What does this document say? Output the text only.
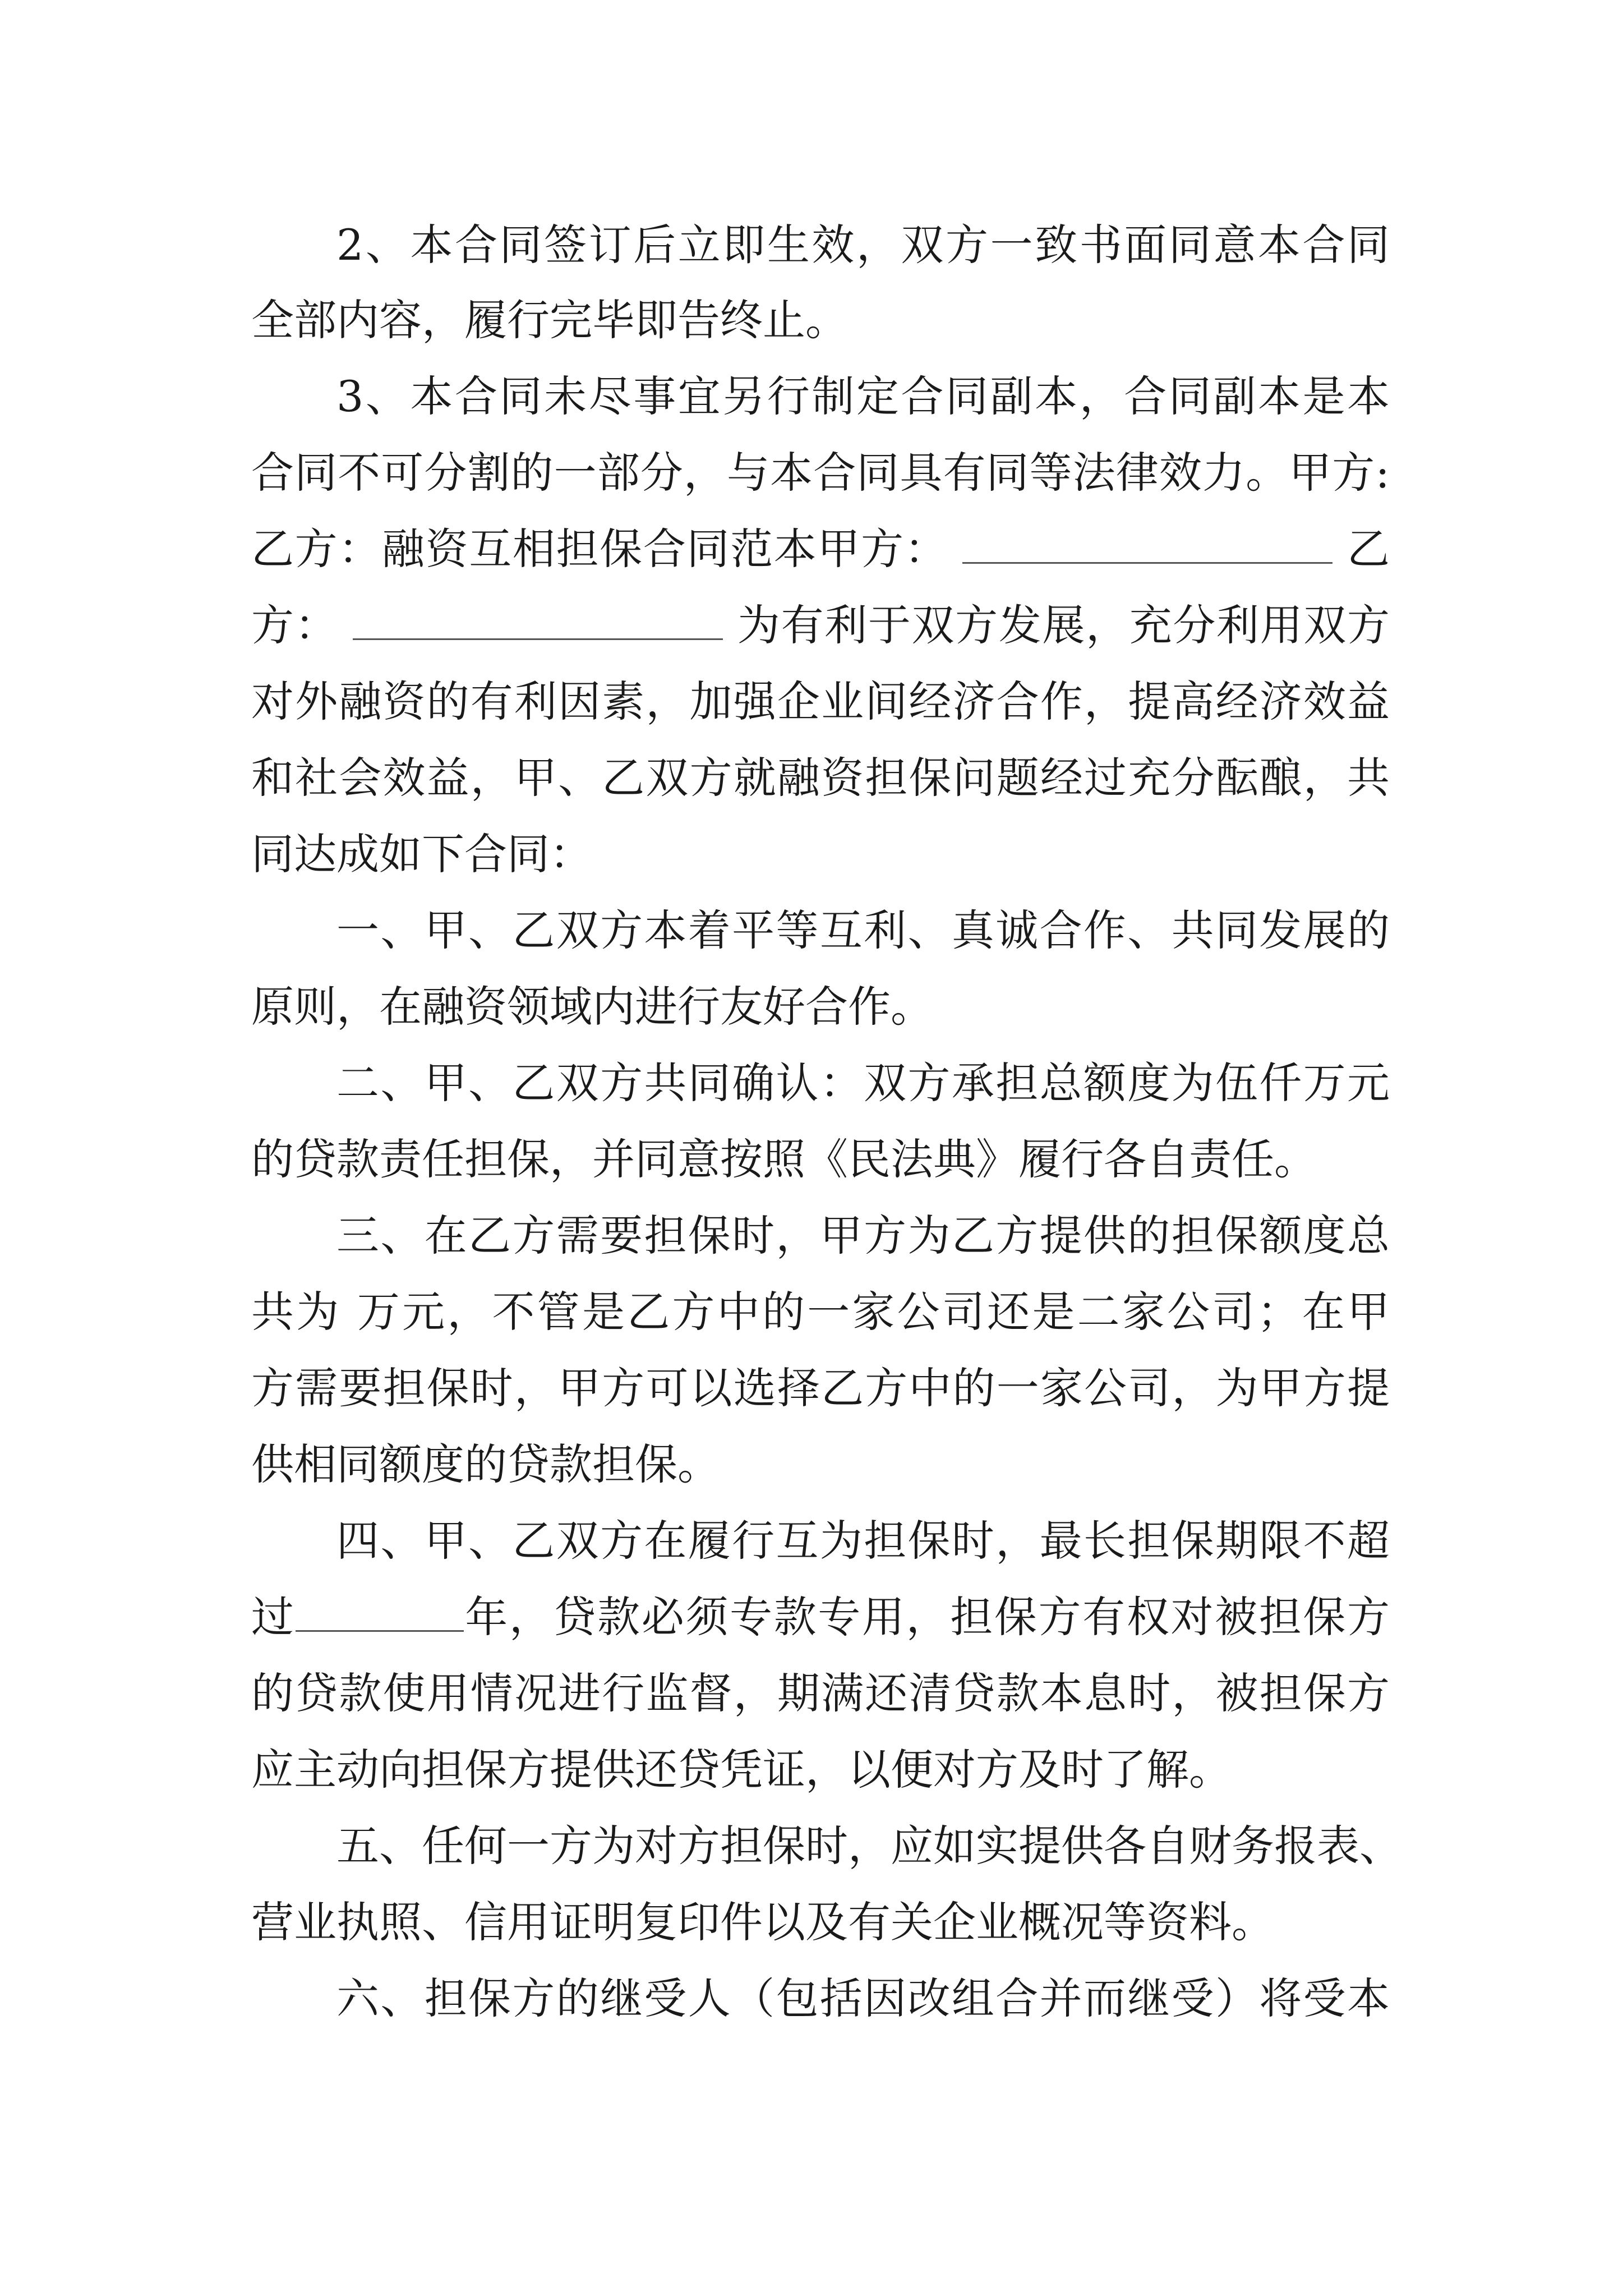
2、本合同签订后立即生效，双方一致书面同意本合同
全部内容，履行完毕即告终止。
3、本合同未尽事宜另行制定合同副本，合同副本是本
合同不可分割的一部分，与本合同具有同等法律效力。甲方:
乙方：融资互相担保合同范本甲方：	乙
方：	为有利于双方发展，充分利用双方
对外融资的有利因素，加强企业间经济合作，提高经济效益
和社会效益，甲、乙双方就融资担保问题经过充分酝酿，共
同达成如下合同：
一、甲、乙双方本着平等互利、真诚合作、共同发展的
原则，在融资领域内进行友好合作。
二、甲、乙双方共同确认：双方承担总额度为伍仟万元
的贷款责任担保，并同意按照《民法典》履行各自责任。
三、在乙方需要担保时，甲方为乙方提供的担保额度总
共为 万元，不管是乙方中的一家公司还是二家公司；在甲
方需要担保时，甲方可以选择乙方中的一家公司，为甲方提
供相同额度的贷款担保。
四、甲、乙双方在履行互为担保时，最长担保期限不超
过	年，贷款必须专款专用，担保方有权对被担保方
的贷款使用情况进行监督，期满还清贷款本息时，被担保方
应主动向担保方提供还贷凭证，以便对方及时了解。
五、任何一方为对方担保时，应如实提供各自财务报表、
营业执照、信用证明复印件以及有关企业概况等资料。
六、担保方的继受人（包括因改组合并而继受）将受本
